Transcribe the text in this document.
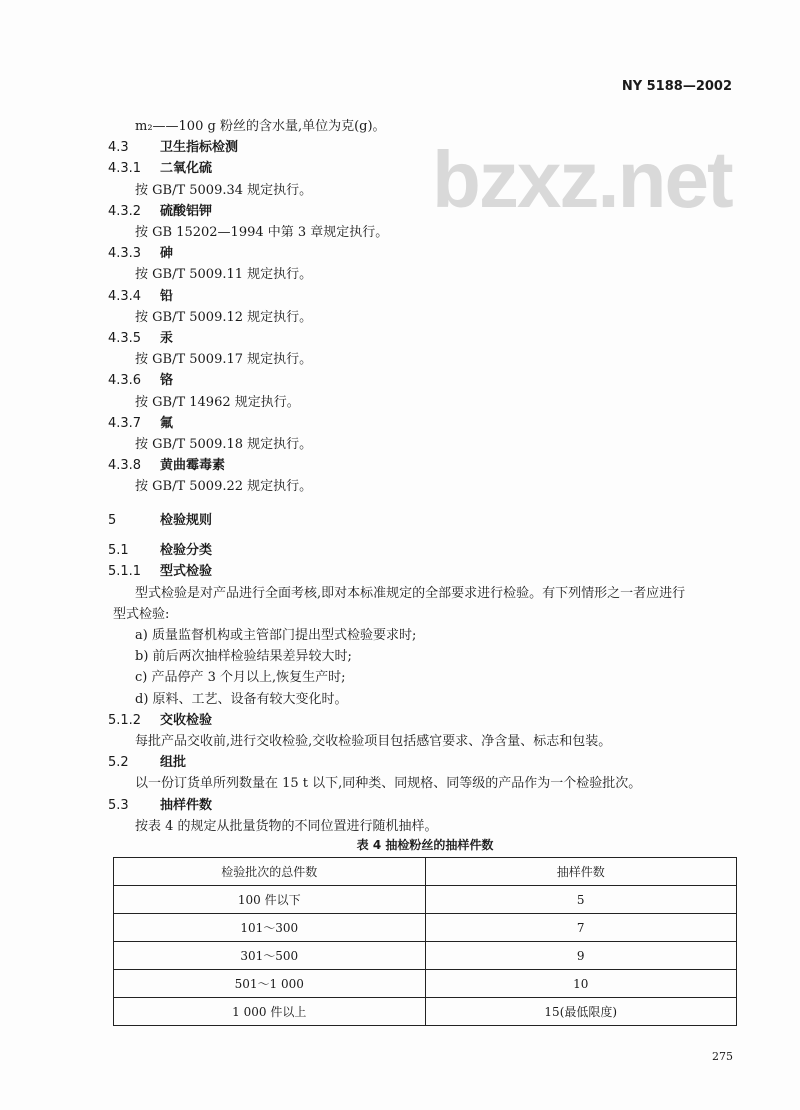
NY 5188—2002
bzxz.net
m₂——100 g 粉丝的含水量,单位为克(g)。
4.3 卫生指标检测
4.3.1 二氧化硫
按 GB/T 5009.34 规定执行。
4.3.2 硫酸铝钾
按 GB 15202—1994 中第 3 章规定执行。
4.3.3 砷
按 GB/T 5009.11 规定执行。
4.3.4 铅
按 GB/T 5009.12 规定执行。
4.3.5 汞
按 GB/T 5009.17 规定执行。
4.3.6 铬
按 GB/T 14962 规定执行。
4.3.7 氟
按 GB/T 5009.18 规定执行。
4.3.8 黄曲霉毒素
按 GB/T 5009.22 规定执行。
5	检验规则
5.1 检验分类
5.1.1 型式检验
型式检验是对产品进行全面考核,即对本标准规定的全部要求进行检验。有下列情形之一者应进行
型式检验:
a) 质量监督机构或主管部门提出型式检验要求时;
b) 前后两次抽样检验结果差异较大时;
c) 产品停产 3 个月以上,恢复生产时;
d) 原料、工艺、设备有较大变化时。
5.1.2 交收检验
每批产品交收前,进行交收检验,交收检验项目包括感官要求、净含量、标志和包装。
5.2 组批
以一份订货单所列数量在 15 t 以下,同种类、同规格、同等级的产品作为一个检验批次。
5.3 抽样件数
按表 4 的规定从批量货物的不同位置进行随机抽样。
表 4 抽检粉丝的抽样件数
检验批次的总件数	抽样件数
100 件以下	5
101～300	7
301～500	9
501～1 000	10
1 000 件以上	15(最低限度)
275
